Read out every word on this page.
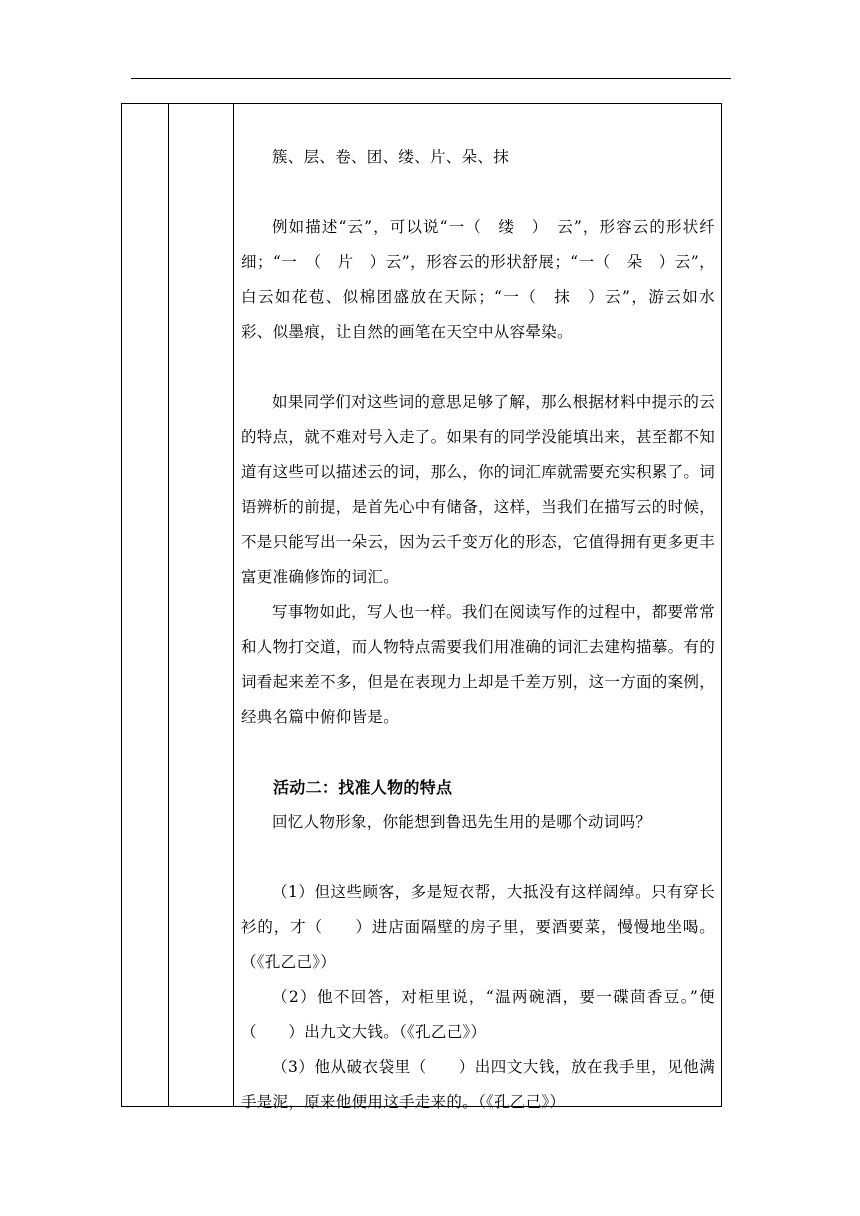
簇、层、卷、团、缕、片、朵、抹

例如描述“云”，可以说“一（　缕　）　云”，形容云的形状纤细；“一　（　片　）云”，形容云的形状舒展；“一（　朵　）云”，白云如花苞、似棉团盛放在天际；“一（　抹　）云”，游云如水彩、似墨痕，让自然的画笔在天空中从容晕染。

如果同学们对这些词的意思足够了解，那么根据材料中提示的云的特点，就不难对号入走了。如果有的同学没能填出来，甚至都不知道有这些可以描述云的词，那么，你的词汇库就需要充实积累了。词语辨析的前提，是首先心中有储备，这样，当我们在描写云的时候，不是只能写出一朵云，因为云千变万化的形态，它值得拥有更多更丰富更准确修饰的词汇。

写事物如此，写人也一样。我们在阅读写作的过程中，都要常常和人物打交道，而人物特点需要我们用准确的词汇去建构描摹。有的词看起来差不多，但是在表现力上却是千差万别，这一方面的案例，经典名篇中俯仰皆是。

活动二：找准人物的特点

回忆人物形象，你能想到鲁迅先生用的是哪个动词吗？

（1）但这些顾客，多是短衣帮，大抵没有这样阔绰。只有穿长衫的，才（　　）进店面隔壁的房子里，要酒要菜，慢慢地坐喝。（《孔乙己》）

（2）他不回答，对柜里说，“温两碗酒，要一碟茴香豆。”便（　　）出九文大钱。（《孔乙己》）

（3）他从破衣袋里（　　）出四文大钱，放在我手里，见他满手是泥，原来他便用这手走来的。（《孔乙己》）
